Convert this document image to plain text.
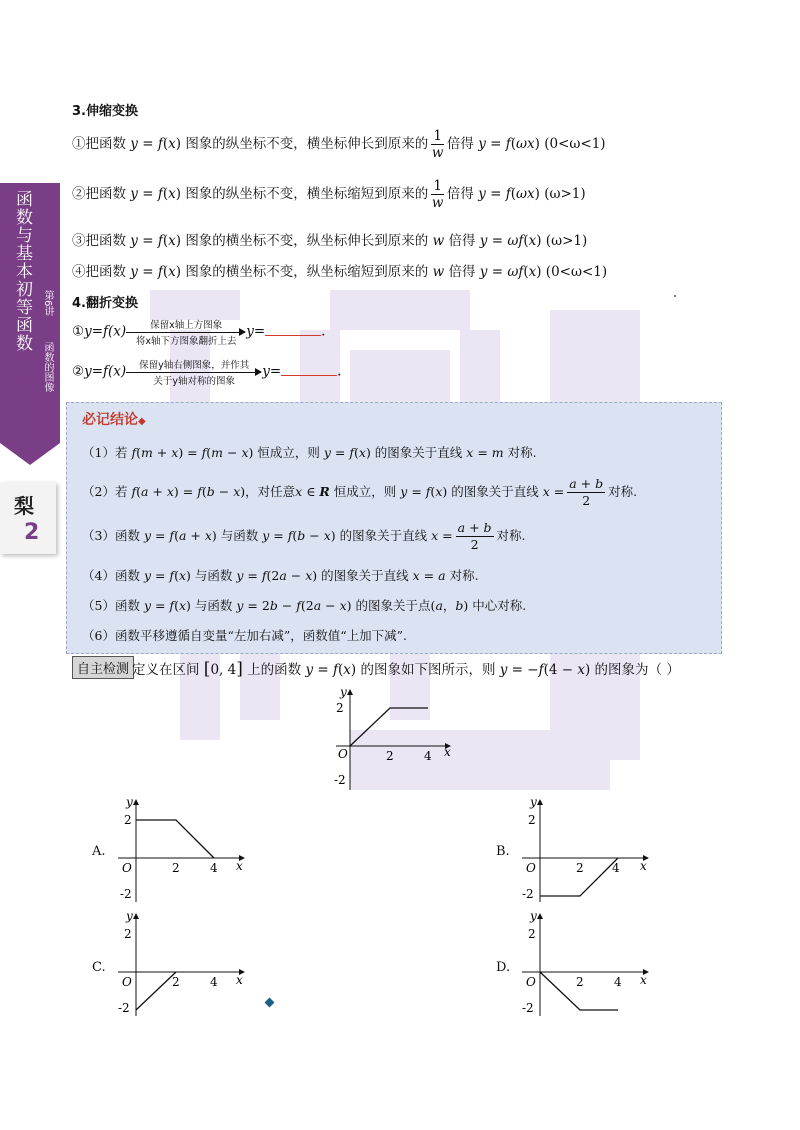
函数与基本初等函数	第6讲
函数的图像
梨
2
3.伸缩变换
①把函数 y = f(x) 图象的纵坐标不变，横坐标伸长到原来的 $\frac{1}{w}$ 倍得 y = f(ωx) (0<ω<1)
②把函数 y = f(x) 图象的纵坐标不变，横坐标缩短到原来的 $\frac{1}{w}$ 倍得 y = f(ωx) (ω>1)
③把函数 y = f(x) 图象的横坐标不变，纵坐标伸长到原来的 w 倍得 y = ωf(x) (ω>1)
④把函数 y = f(x) 图象的横坐标不变，纵坐标缩短到原来的 w 倍得 y = ωf(x) (0<ω<1)
4.翻折变换
①y=f(x)	保留x轴上方图象
将x轴下方图象翻折上去
y=	.
②y=f(x)	保留y轴右侧图象，并作其
关于y轴对称的图象
y=	.
必记结论◆
（1）若 f(m + x) = f(m − x) 恒成立，则 y = f(x) 的图象关于直线 x = m 对称.
（2）若 f(a + x) = f(b − x)，对任意x ∈ R 恒成立，则 y = f(x) 的图象关于直线 $x = \frac{a + b}{2}$ 对称.
（3）函数 y = f(a + x) 与函数 y = f(b − x) 的图象关于直线 $x = \frac{a + b}{2}$ 对称.
（4）函数 y = f(x) 与函数 y = f(2a − x) 的图象关于直线 x = a 对称.
（5）函数 y = f(x) 与函数 y = 2b − f(2a − x) 的图象关于点(a，b) 中心对称.
（6）函数平移遵循自变量“左加右减”，函数值“上加下减”.
自主检测 定义在区间 [0, 4] 上的函数 y = f(x) 的图象如下图所示，则 y = −f(4 − x) 的图象为（ ）
y
x
2
-2
O	2	4
A.	B.
C.	D.
y
x
2
-2
O	2	4
y
x
2
-2
O	2 4
y
x
2
-2
O	2	4
y
x
2
-2
O	2	4
